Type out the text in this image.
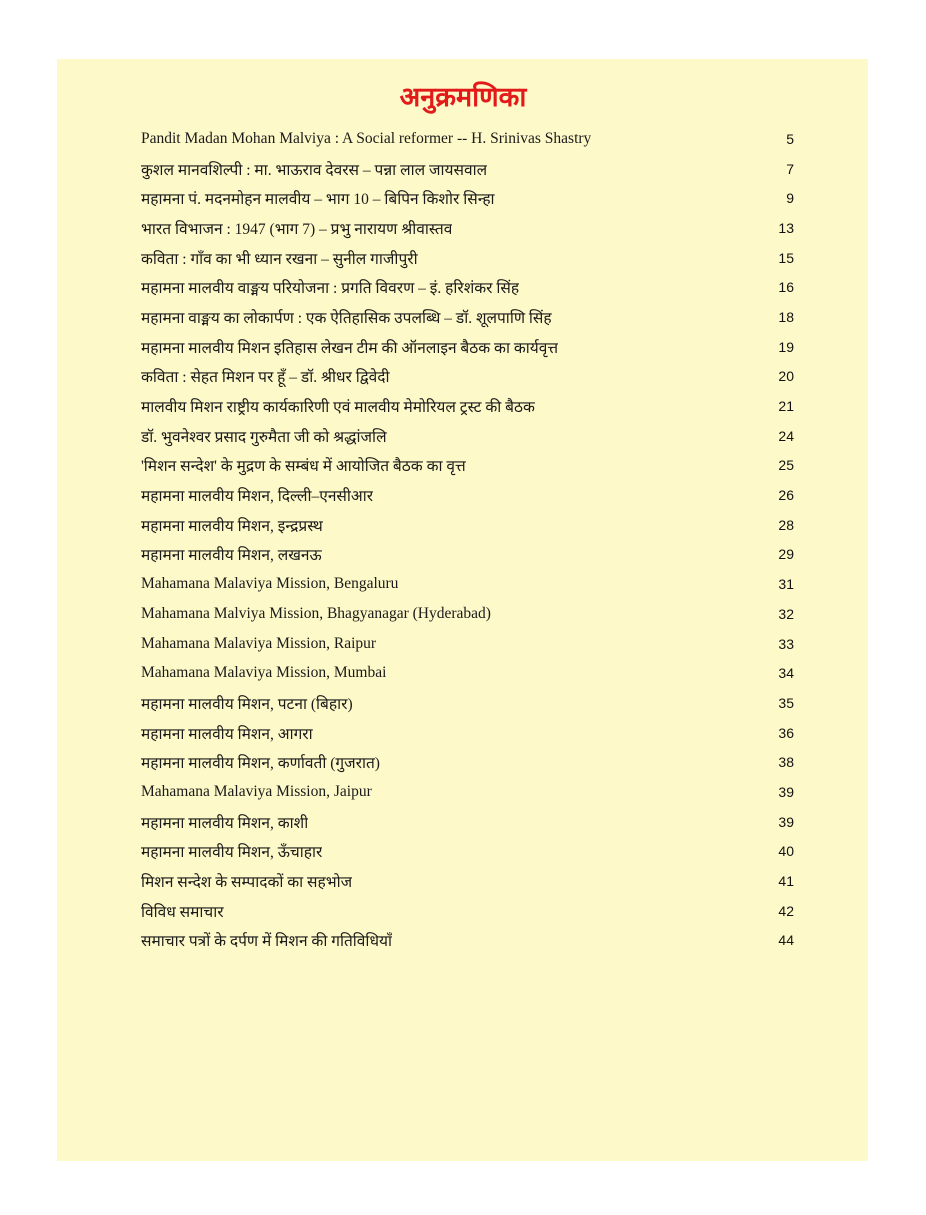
अनुक्रमणिका
Pandit Madan Mohan Malviya : A Social reformer -- H. Srinivas Shastry	5
कुशल मानवशिल्पी : मा. भाऊराव देवरस – पन्ना लाल जायसवाल	7
महामना पं. मदनमोहन मालवीय – भाग 10 – बिपिन किशोर सिन्हा	9
भारत विभाजन : 1947 (भाग 7) – प्रभु नारायण श्रीवास्तव	13
कविता : गाँव का भी ध्यान रखना – सुनील गाजीपुरी	15
महामना मालवीय वाङ्मय परियोजना : प्रगति विवरण – इं. हरिशंकर सिंह	16
महामना वाङ्मय का लोकार्पण : एक ऐतिहासिक उपलब्धि – डॉ. शूलपाणि सिंह	18
महामना मालवीय मिशन इतिहास लेखन टीम की ऑनलाइन बैठक का कार्यवृत्त	19
कविता : सेहत मिशन पर हूँ – डॉ. श्रीधर द्विवेदी	20
मालवीय मिशन राष्ट्रीय कार्यकारिणी एवं मालवीय मेमोरियल ट्रस्ट की बैठक	21
डॉ. भुवनेश्वर प्रसाद गुरुमैता जी को श्रद्धांजलि	24
'मिशन सन्देश' के मुद्रण के सम्बंध में आयोजित बैठक का वृत्त	25
महामना मालवीय मिशन, दिल्ली–एनसीआर	26
महामना मालवीय मिशन, इन्द्रप्रस्थ	28
महामना मालवीय मिशन, लखनऊ	29
Mahamana Malaviya Mission, Bengaluru	31
Mahamana Malviya Mission, Bhagyanagar (Hyderabad)	32
Mahamana Malaviya Mission, Raipur	33
Mahamana Malaviya Mission, Mumbai	34
महामना मालवीय मिशन, पटना (बिहार)	35
महामना मालवीय मिशन, आगरा	36
महामना मालवीय मिशन, कर्णावती (गुजरात)	38
Mahamana Malaviya Mission, Jaipur	39
महामना मालवीय मिशन, काशी	39
महामना मालवीय मिशन, ऊँचाहार	40
मिशन सन्देश के सम्पादकों का सहभोज	41
विविध समाचार	42
समाचार पत्रों के दर्पण में मिशन की गतिविधियाँ	44
